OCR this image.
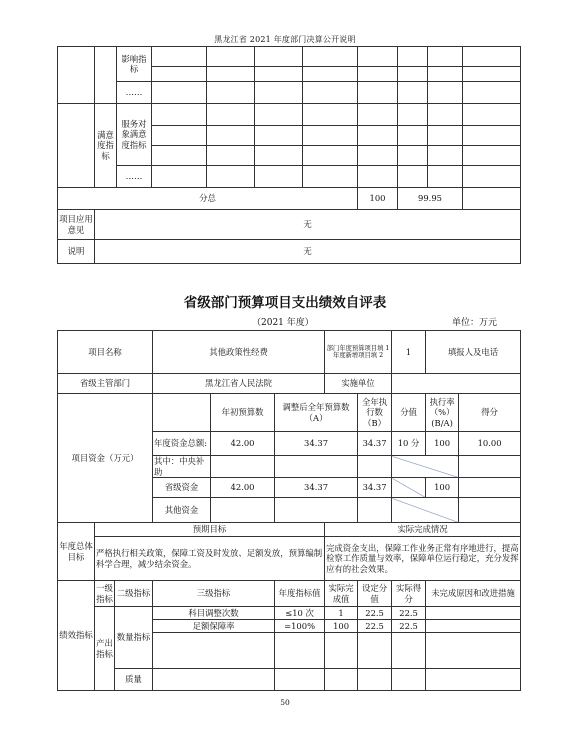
黑龙江省 2021 年度部门决算公开说明
		影响指标								

		……								
	满意度指标	服务对象满意度指标								

		……								
分总							100	99.95		
项目应用意见	无									
说明	无									
省级部门预算项目支出绩效自评表
（2021 年度）	单位：万元
项目名称			其他政策性经费			部门年度预算项目填 1 年度新增项目填 2		1	填报人及电话	

省级主管部门			黑龙江省人民法院			实施单位					
项目资金（万元）				年初预算数	调整后全年预算数（A）		全年执行数（B）	分值	执行率（%）(B/A)	得分	
			年度资金总额:	42.00	34.37		34.37	10 分	100	10.00	
			其中：中央补助								
			省级资金	42.00	34.37		34.37		100		
			其他资金								
年度总体目标	预期目标					实际完成情况					
	严格执行相关政策，保障工资及时发放、足额发放，预算编制科学合理，减少结余资金。					完成资金支出，保障工作业务正常有序地进行，提高检察工作质量与效率，保障单位运行稳定，充分发挥应有的社会效果。					
绩效指标	一级指标	二级指标	三级指标		年度指标值	实际完成值	设定分值	实际得分	未完成原因和改进措施		
	产出指标	数量指标	科目调整次数		≤10 次	1	22.5	22.5			
			足额保障率		=100%	100	22.5	22.5			

		质量									
50
